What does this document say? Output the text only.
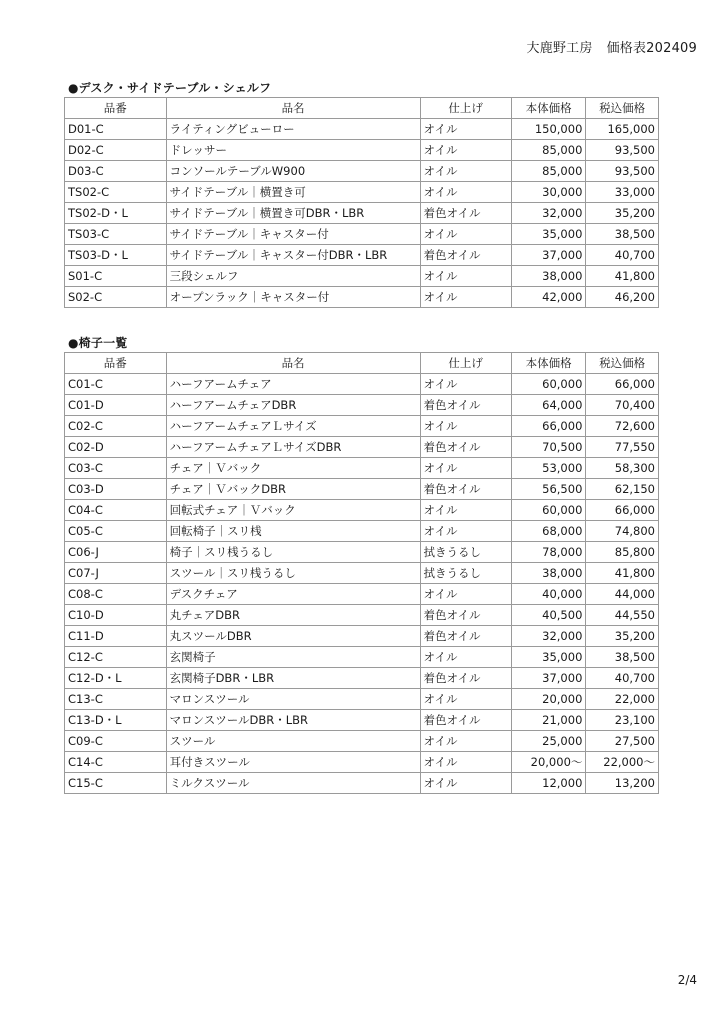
大鹿野工房 価格表202409
●デスク・サイドテーブル・シェルフ
品番	品名	仕上げ	本体価格	税込価格
D01-C	ライティングビューロー	オイル	150,000	165,000
D02-C	ドレッサー	オイル	85,000	93,500
D03-C	コンソールテーブルW900	オイル	85,000	93,500
TS02-C	サイドテーブル｜横置き可	オイル	30,000	33,000
TS02-D・L	サイドテーブル｜横置き可DBR・LBR	着色オイル	32,000	35,200
TS03-C	サイドテーブル｜キャスター付	オイル	35,000	38,500
TS03-D・L	サイドテーブル｜キャスター付DBR・LBR	着色オイル	37,000	40,700
S01-C	三段シェルフ	オイル	38,000	41,800
S02-C	オープンラック｜キャスター付	オイル	42,000	46,200
●椅子一覧
品番	品名	仕上げ	本体価格	税込価格
C01-C	ハーフアームチェア	オイル	60,000	66,000
C01-D	ハーフアームチェアDBR	着色オイル	64,000	70,400
C02-C	ハーフアームチェアＬサイズ	オイル	66,000	72,600
C02-D	ハーフアームチェアＬサイズDBR	着色オイル	70,500	77,550
C03-C	チェア｜Ｖバック	オイル	53,000	58,300
C03-D	チェア｜ＶバックDBR	着色オイル	56,500	62,150
C04-C	回転式チェア｜Ｖバック	オイル	60,000	66,000
C05-C	回転椅子｜スリ桟	オイル	68,000	74,800
C06-J	椅子｜スリ桟うるし	拭きうるし	78,000	85,800
C07-J	スツール｜スリ桟うるし	拭きうるし	38,000	41,800
C08-C	デスクチェア	オイル	40,000	44,000
C10-D	丸チェアDBR	着色オイル	40,500	44,550
C11-D	丸スツールDBR	着色オイル	32,000	35,200
C12-C	玄関椅子	オイル	35,000	38,500
C12-D・L	玄関椅子DBR・LBR	着色オイル	37,000	40,700
C13-C	マロンスツール	オイル	20,000	22,000
C13-D・L	マロンスツールDBR・LBR	着色オイル	21,000	23,100
C09-C	スツール	オイル	25,000	27,500
C14-C	耳付きスツール	オイル	20,000～	22,000～
C15-C	ミルクスツール	オイル	12,000	13,200
2/4
